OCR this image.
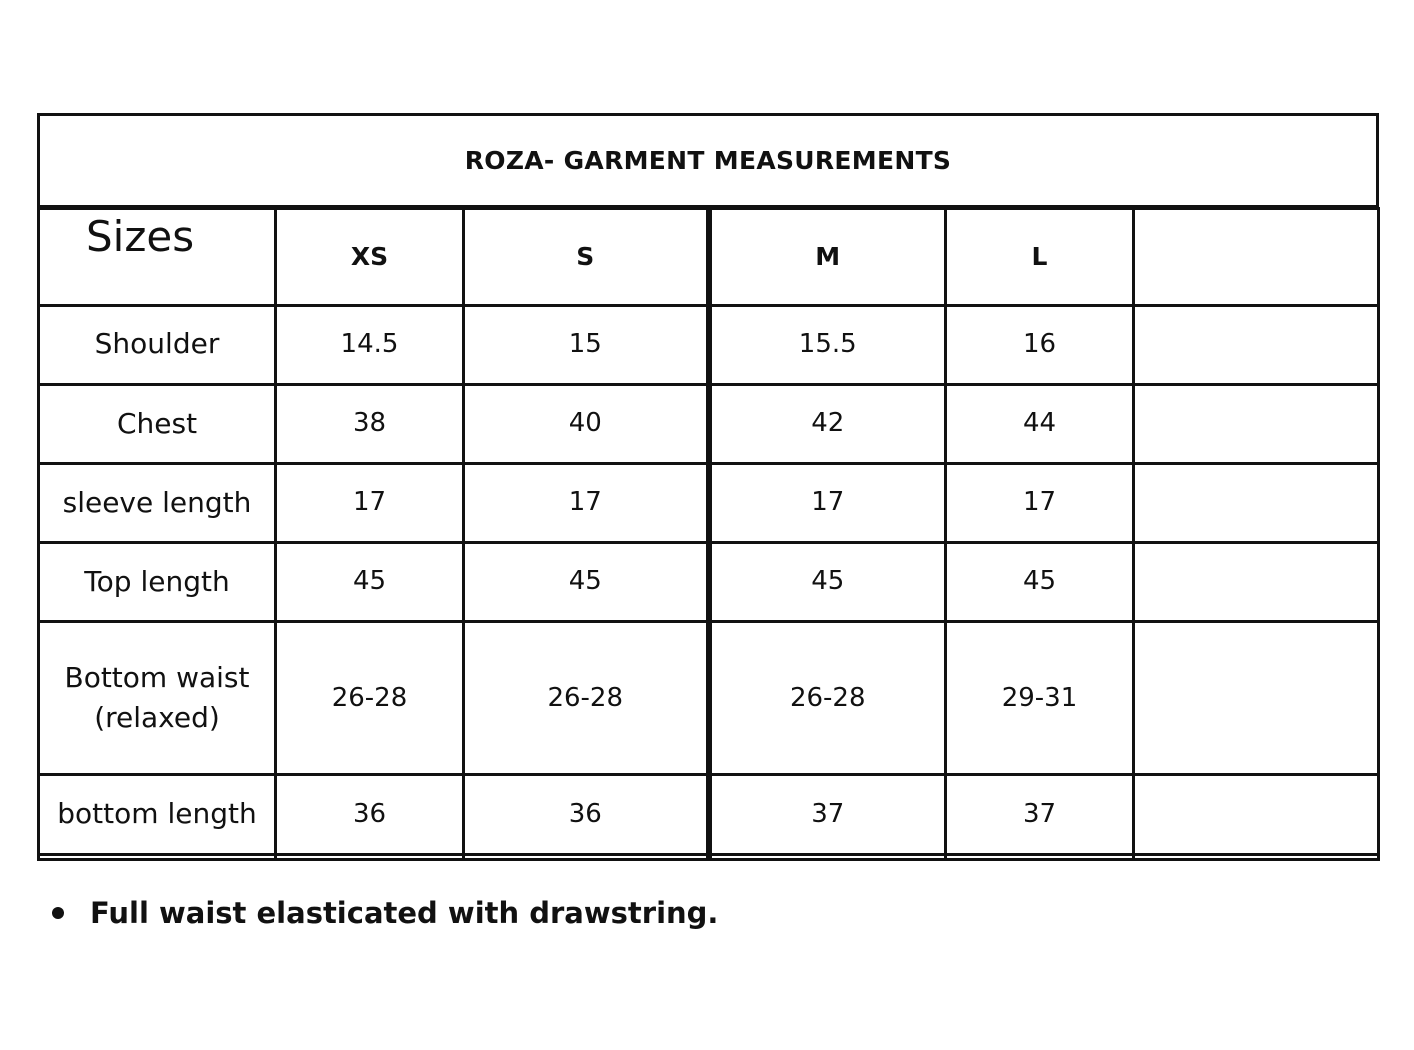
ROZA- GARMENT MEASUREMENTS
Sizes	XS	S	M	L	
Shoulder	14.5	15	15.5	16	
Chest	38	40	42	44	
sleeve length	17	17	17	17	
Top length	45	45	45	45	
Bottom waist (relaxed)	26-28	26-28	26-28	29-31	
bottom length	36	36	37	37	

Full waist elasticated with drawstring.
